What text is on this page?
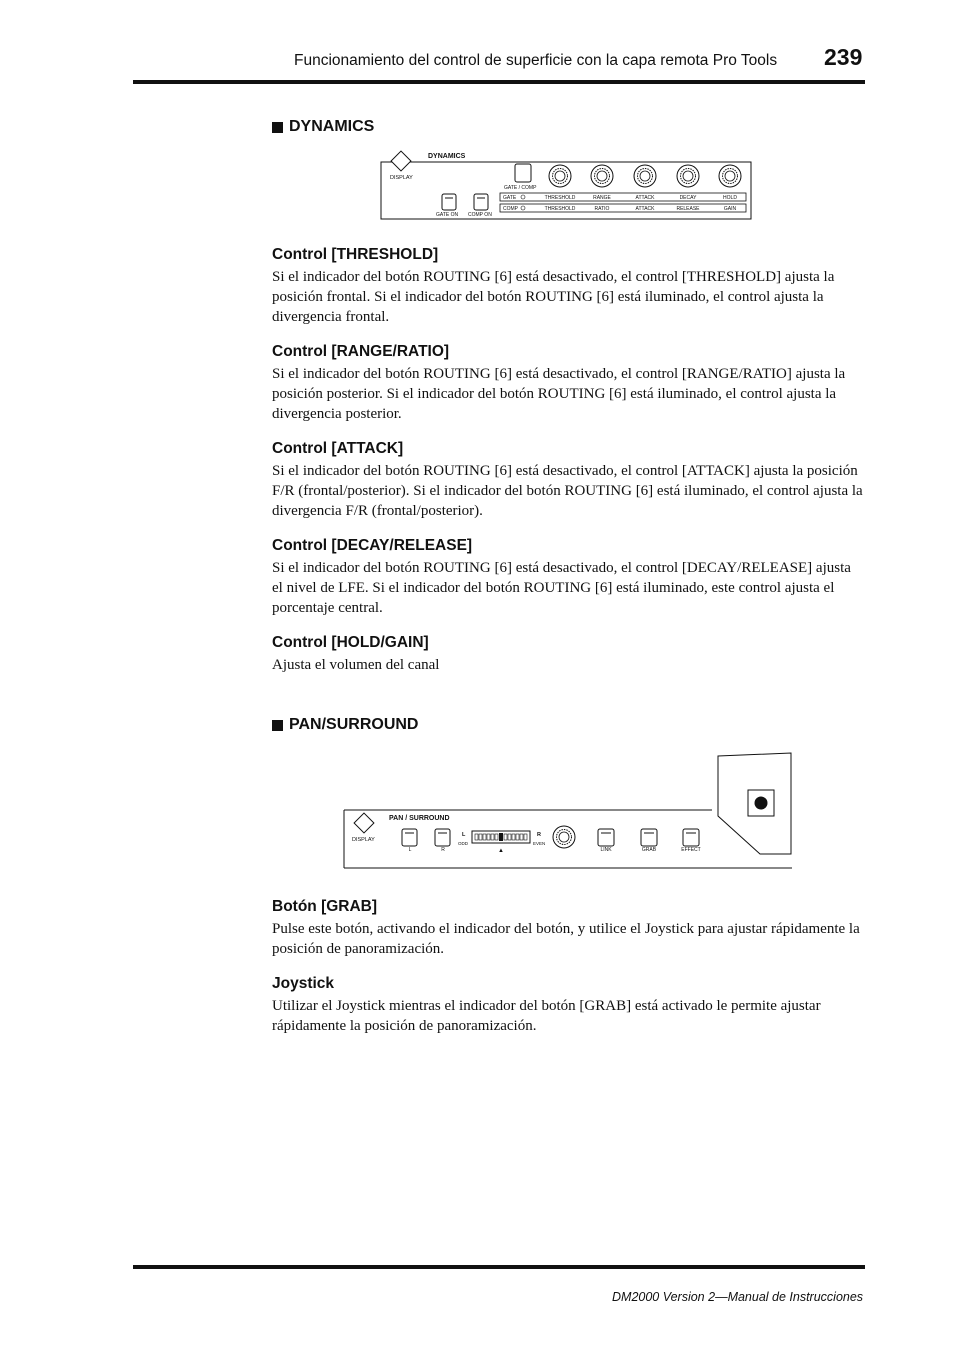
Funcionamiento del control de superficie con la capa remota Pro Tools 239
DYNAMICS
DISPLAY
DYNAMICS
GATE / COMP
GATE ON COMP ON
GATE
COMP
THRESHOLD	RANGE	ATTACK	DECAY	HOLD
THRESHOLD	RATIO	ATTACK	RELEASE	GAIN
Control [THRESHOLD]
Si el indicador del botón ROUTING [6] está desactivado, el control [THRESHOLD] ajusta la posición frontal. Si el indicador del botón ROUTING [6] está iluminado, el control ajusta la divergencia frontal.
Control [RANGE/RATIO]
Si el indicador del botón ROUTING [6] está desactivado, el control [RANGE/RATIO] ajusta la posición posterior. Si el indicador del botón ROUTING [6] está iluminado, el control ajusta la divergencia posterior.
Control [ATTACK]
Si el indicador del botón ROUTING [6] está desactivado, el control [ATTACK] ajusta la posición F/R (frontal/posterior). Si el indicador del botón ROUTING [6] está iluminado, el control ajusta la divergencia F/R (frontal/posterior).
Control [DECAY/RELEASE]
Si el indicador del botón ROUTING [6] está desactivado, el control [DECAY/RELEASE] ajusta el nivel de LFE. Si el indicador del botón ROUTING [6] está iluminado, este control ajusta el porcentaje central.
Control [HOLD/GAIN]
Ajusta el volumen del canal
PAN/SURROUND
DISPLAY
PAN / SURROUND
L	R
L
ODD
▲
R
EVEN
LINK	GRAB	EFFECT
Botón [GRAB]
Pulse este botón, activando el indicador del botón, y utilice el Joystick para ajustar rápidamente la posición de panoramización.
Joystick
Utilizar el Joystick mientras el indicador del botón [GRAB] está activado le permite ajustar rápidamente la posición de panoramización.
DM2000 Version 2—Manual de Instrucciones
